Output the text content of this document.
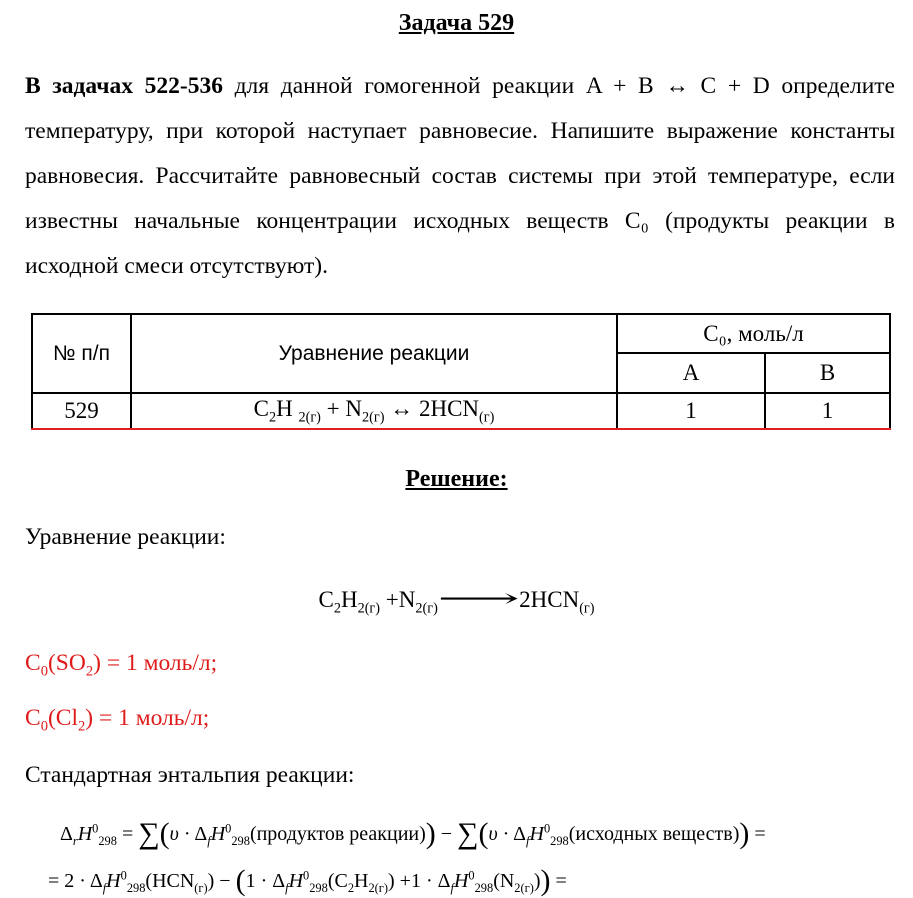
Задача 529
В задачах 522-536 для данной гомогенной реакции A + B ↔ C + D определите температуру, при которой наступает равновесие. Напишите выражение константы равновесия. Рассчитайте равновесный состав системы при этой температуре, если известны начальные концентрации исходных веществ C₀ (продукты реакции в исходной смеси отсутствуют).
№ п/п	Уравнение реакции	C₀, моль/л	
		A	B
529	$C_2H$ $_{2(г)} + N_{2(г)}$ ↔ $2HCN_{(г)}$	1	1
Решение:
Уравнение реакции:
$C_2H_{2(г)}$ $+N_{2(г)}⟶2HCN_{(г)}$
$C_0(SO_2) = 1$ моль/л;
$C_0(Cl_2) = 1$ моль/л;
Стандартная энтальпия реакции:
$\Delta_rH^0_{298} = \sum(\upsilon$ · $\Delta_fH^0_{298}(продуктов$ реакции)) − $\sum(\upsilon \cdot \Delta_fH^0_{298}(исходных$ веществ)) =
= $2 \cdot \Delta_fH^0_{298}(HCN_{(г)}) - (1 \cdot \Delta_fH^0_{298}(C_2H_{2(г)}) +1 \cdot \Delta_fH^0_{298}(N_{2(г)}))$ =
